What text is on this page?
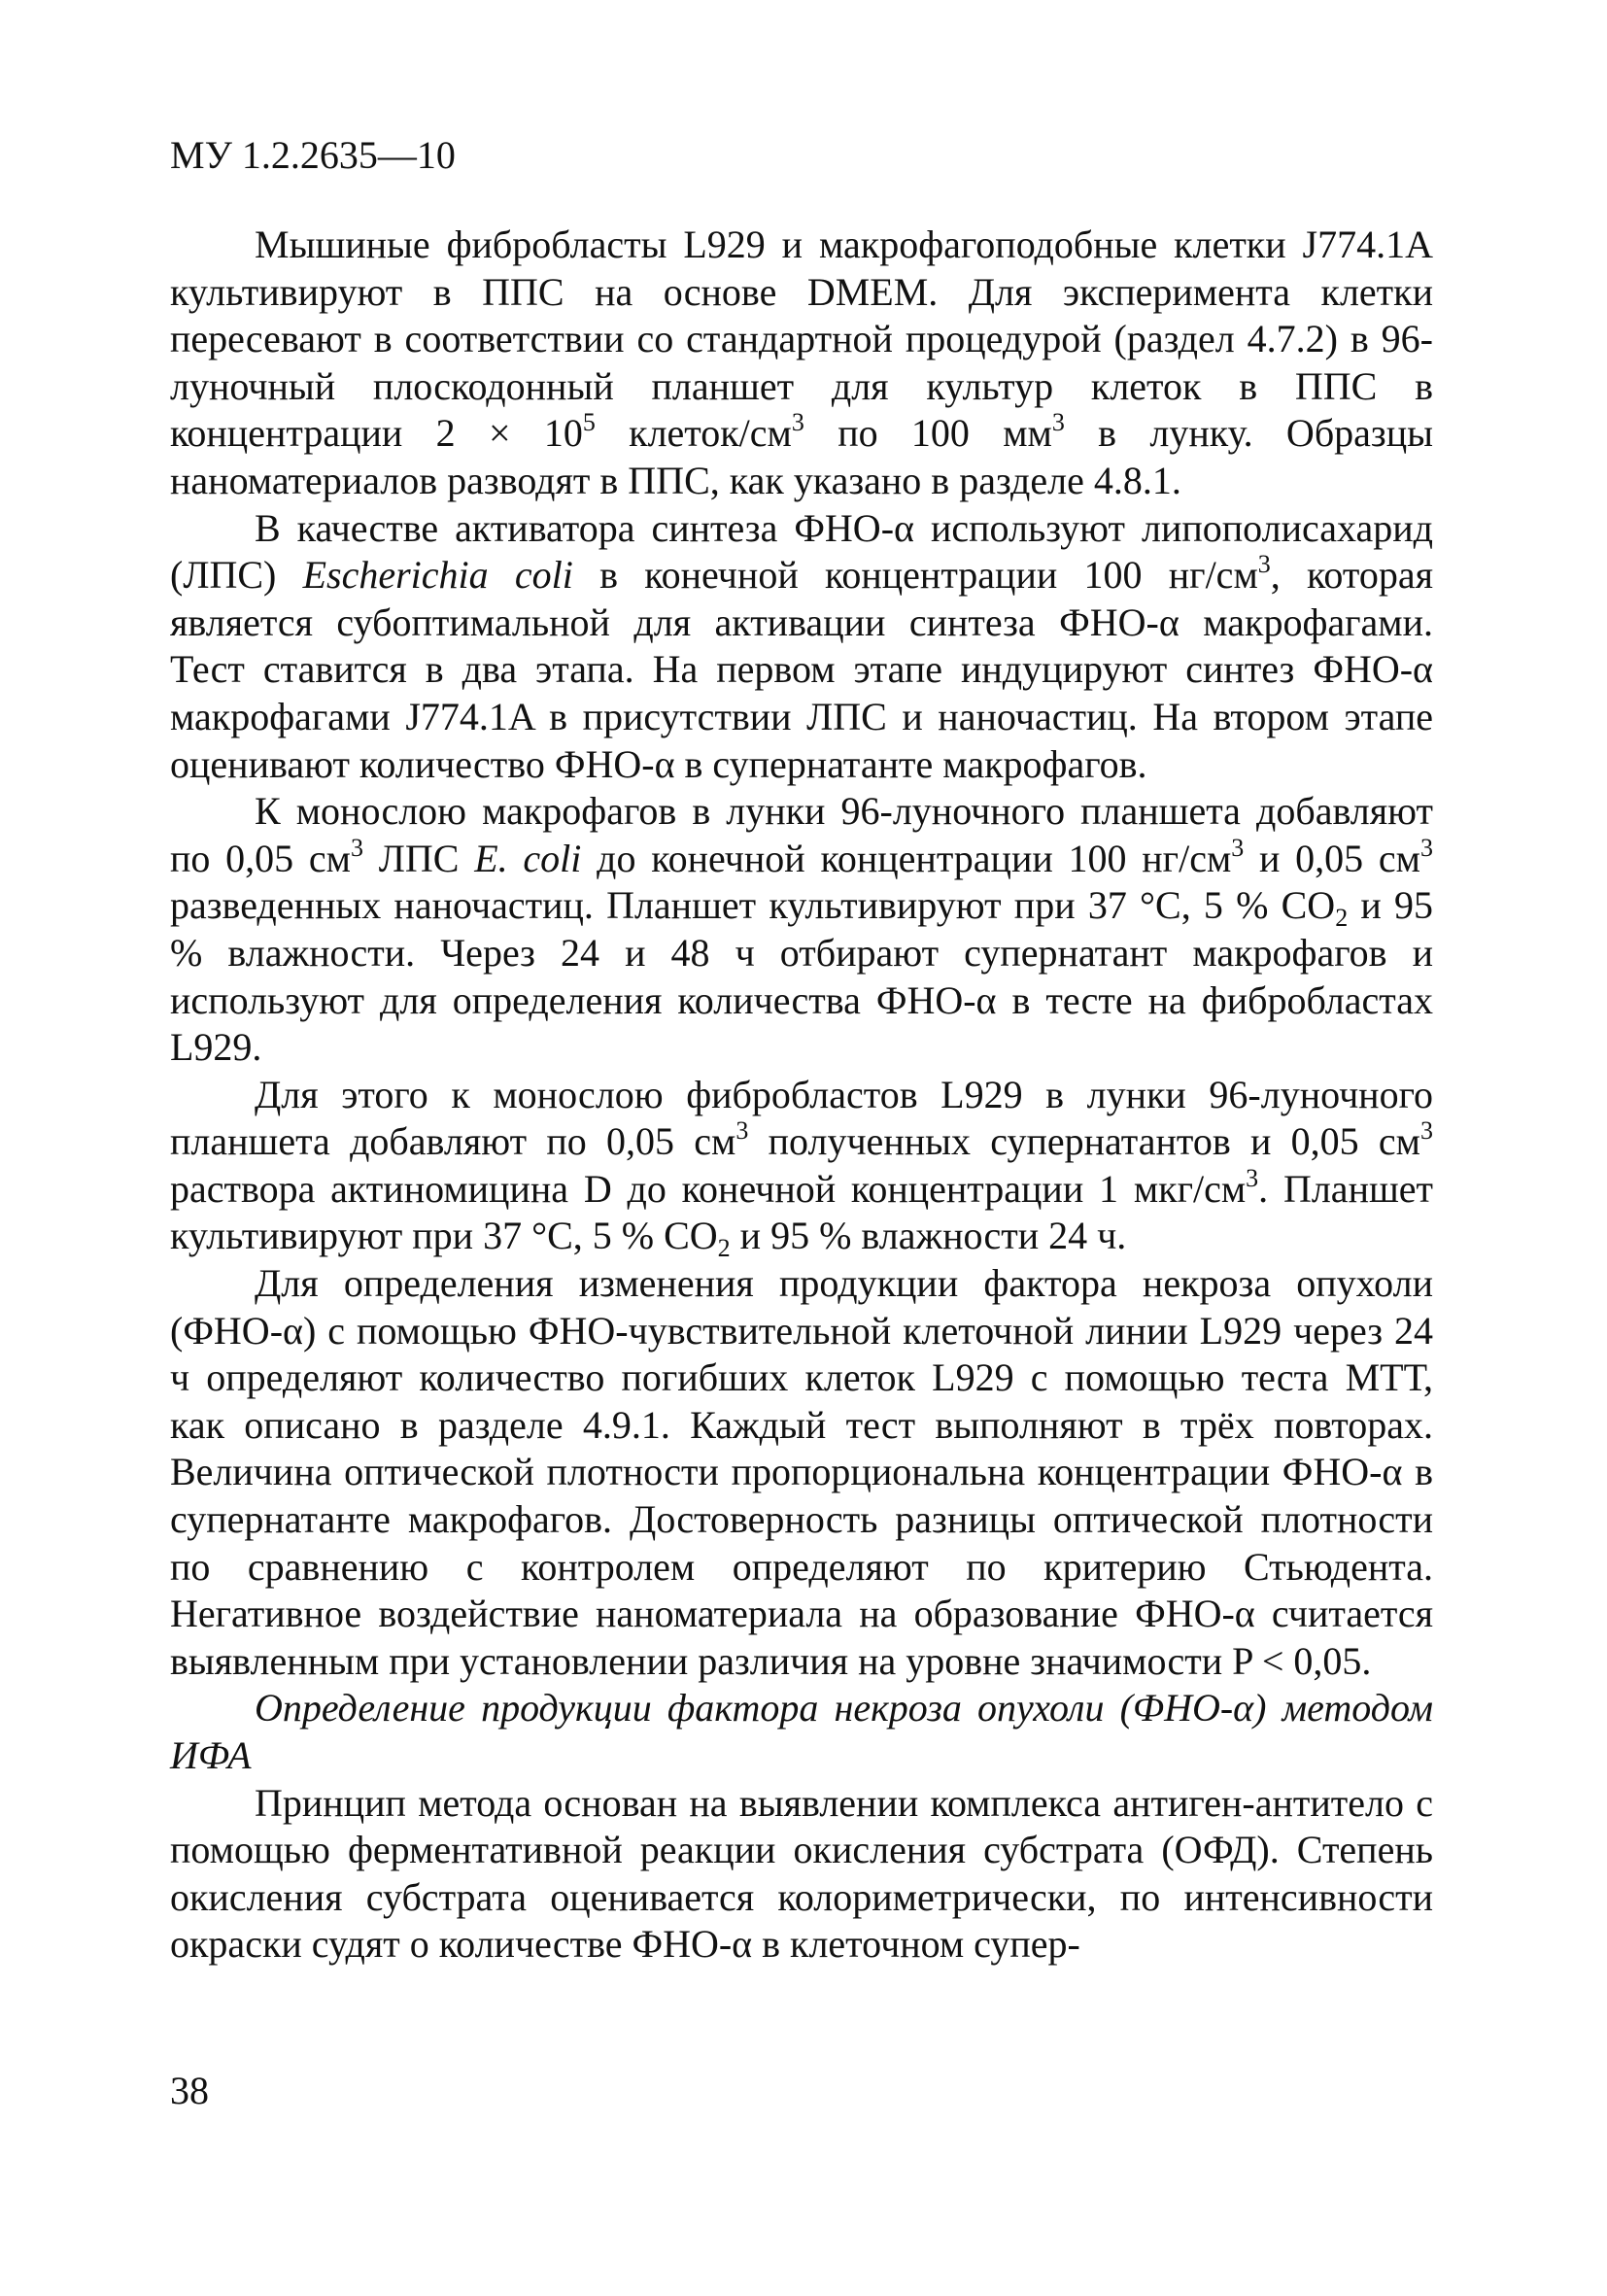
МУ 1.2.2635—10

Мышиные фибробласты L929 и макрофагоподобные клетки J774.1A культивируют в ППС на основе DMEM. Для эксперимента клетки пересевают в соответствии со стандартной процедурой (раздел 4.7.2) в 96-луночный плоскодонный планшет для культур клеток в ППС в концентрации $2 \times 10^5$ клеток/$см^3$ по 100 $мм^3$ в лунку. Образцы наноматериалов разводят в ППС, как указано в разделе 4.8.1.

В качестве активатора синтеза ФНО-α используют липополисахарид (ЛПС) Escherichia coli в конечной концентрации 100 $нг/см^3$, которая является субоптимальной для активации синтеза ФНО-α макрофагами. Тест ставится в два этапа. На первом этапе индуцируют синтез ФНО-α макрофагами J774.1A в присутствии ЛПС и наночастиц. На втором этапе оценивают количество ФНО-α в супернатанте макрофагов.

К монослою макрофагов в лунки 96-луночного планшета добавляют по 0,05 $см^3$ ЛПС E. coli до конечной концентрации 100 $нг/см^3$ и 0,05 $см^3$ разведенных наночастиц. Планшет культивируют при 37 °С, 5 % $СО_2$ и 95 % влажности. Через 24 и 48 ч отбирают супернатант макрофагов и используют для определения количества ФНО-α в тесте на фибробластах L929.

Для этого к монослою фибробластов L929 в лунки 96-луночного планшета добавляют по 0,05 $см^3$ полученных супернатантов и 0,05 $см^3$ раствора актиномицина D до конечной концентрации 1 мкг/$см^3$. Планшет культивируют при 37 °С, 5 % $СО_2$ и 95 % влажности 24 ч.

Для определения изменения продукции фактора некроза опухоли (ФНО-α) с помощью ФНО-чувствительной клеточной линии L929 через 24 ч определяют количество погибших клеток L929 с помощью теста МТТ, как описано в разделе 4.9.1. Каждый тест выполняют в трёх повторах. Величина оптической плотности пропорциональна концентрации ФНО-α в супернатанте макрофагов. Достоверность разницы оптической плотности по сравнению с контролем определяют по критерию Стьюдента. Негативное воздействие наноматериала на образование ФНО-α считается выявленным при установлении различия на уровне значимости P < 0,05.

Определение продукции фактора некроза опухоли (ФНО-α) методом ИФА

Принцип метода основан на выявлении комплекса антиген-антитело с помощью ферментативной реакции окисления субстрата (ОФД). Степень окисления субстрата оценивается колориметрически, по интенсивности окраски судят о количестве ФНО-α в клеточном супер-

38
